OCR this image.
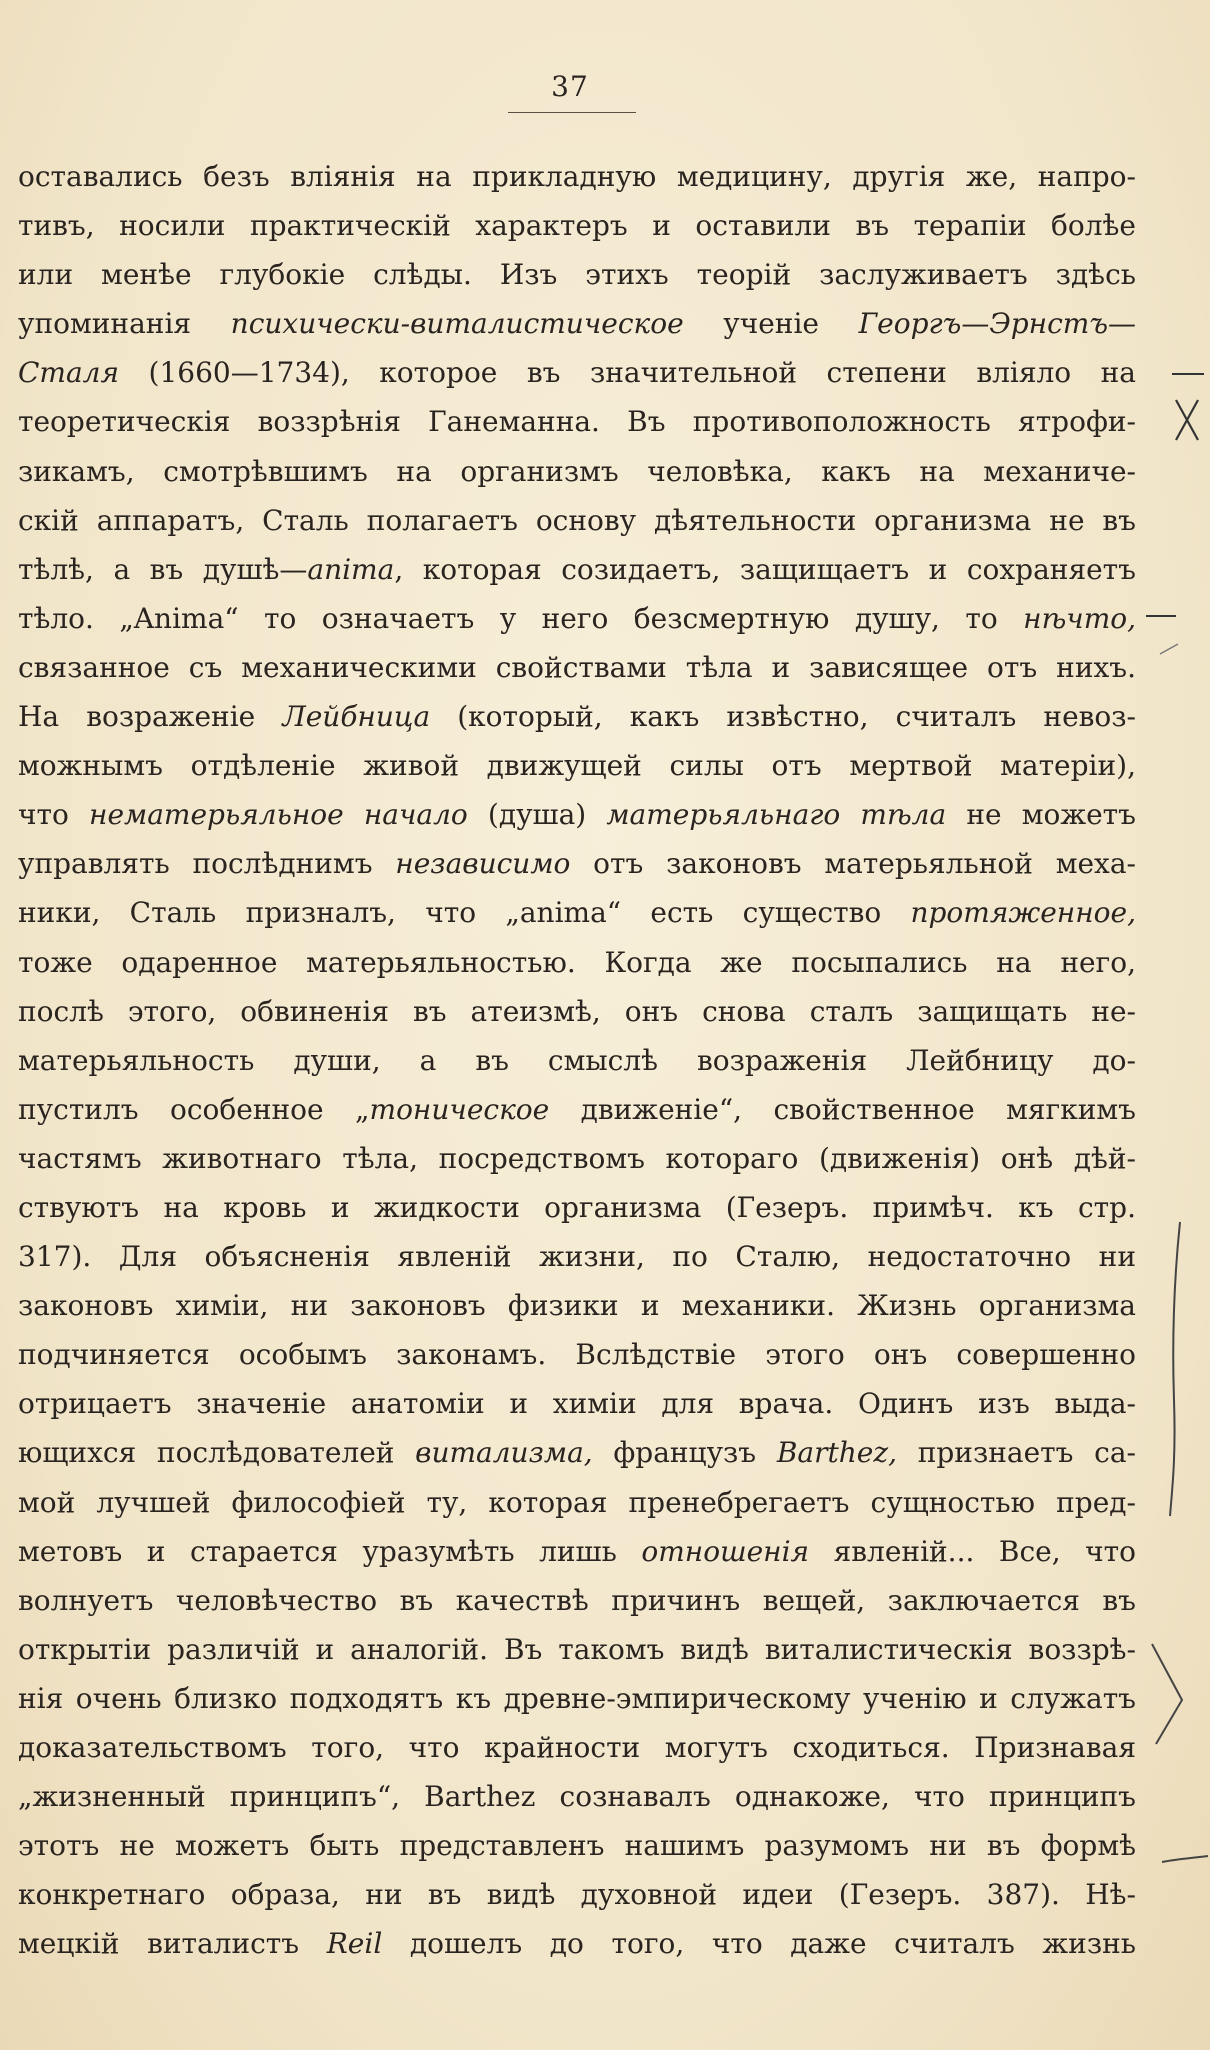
37
оставались безъ вліянія на прикладную медицину, другія же, напро-
тивъ, носили практическій характеръ и оставили въ терапіи болѣе
или менѣе глубокіе слѣды. Изъ этихъ теорій заслуживаетъ здѣсь
упоминанія психически-виталистическое ученіе Георгъ—Эрнстъ—
Сталя (1660—1734), которое въ значительной степени вліяло на
теоретическія воззрѣнія Ганеманна. Въ противоположность ятрофи-
зикамъ, смотрѣвшимъ на организмъ человѣка, какъ на механиче-
скій аппаратъ, Сталь полагаетъ основу дѣятельности организма не въ
тѣлѣ, а въ душѣ—anima, которая созидаетъ, защищаетъ и сохраняетъ
тѣло. „Anima“ то означаетъ у него безсмертную душу, то нѣчто,
связанное съ механическими свойствами тѣла и зависящее отъ нихъ.
На возраженіе Лейбница (который, какъ извѣстно, считалъ невоз-
можнымъ отдѣленіе живой движущей силы отъ мертвой матеріи),
что нематерьяльное начало (душа) матерьяльнаго тѣла не можетъ
управлять послѣднимъ независимо отъ законовъ матерьяльной меха-
ники, Сталь призналъ, что „anima“ есть существо протяженное,
тоже одаренное матерьяльностью. Когда же посыпались на него,
послѣ этого, обвиненія въ атеизмѣ, онъ снова сталъ защищать не-
матерьяльность души, а въ смыслѣ возраженія Лейбницу до-
пустилъ особенное „тоническое движеніе“, свойственное мягкимъ
частямъ животнаго тѣла, посредствомъ котораго (движенія) онѣ дѣй-
ствуютъ на кровь и жидкости организма (Гезеръ. примѣч. къ стр.
317). Для объясненія явленій жизни, по Сталю, недостаточно ни
законовъ химіи, ни законовъ физики и механики. Жизнь организма
подчиняется особымъ законамъ. Вслѣдствіе этого онъ совершенно
отрицаетъ значеніе анатоміи и химіи для врача. Одинъ изъ выда-
ющихся послѣдователей витализма, французъ Barthez, признаетъ са-
мой лучшей философіей ту, которая пренебрегаетъ сущностью пред-
метовъ и старается уразумѣть лишь отношенія явленій... Все, что
волнуетъ человѣчество въ качествѣ причинъ вещей, заключается въ
открытіи различій и аналогій. Въ такомъ видѣ виталистическія воззрѣ-
нія очень близко подходятъ къ древне-эмпирическому ученію и служатъ
доказательствомъ того, что крайности могутъ сходиться. Признавая
„жизненный принципъ“, Barthez сознавалъ однакоже, что принципъ
этотъ не можетъ быть представленъ нашимъ разумомъ ни въ формѣ
конкретнаго образа, ни въ видѣ духовной идеи (Гезеръ. 387). Нѣ-
мецкій виталистъ Reil дошелъ до того, что даже считалъ жизнь
